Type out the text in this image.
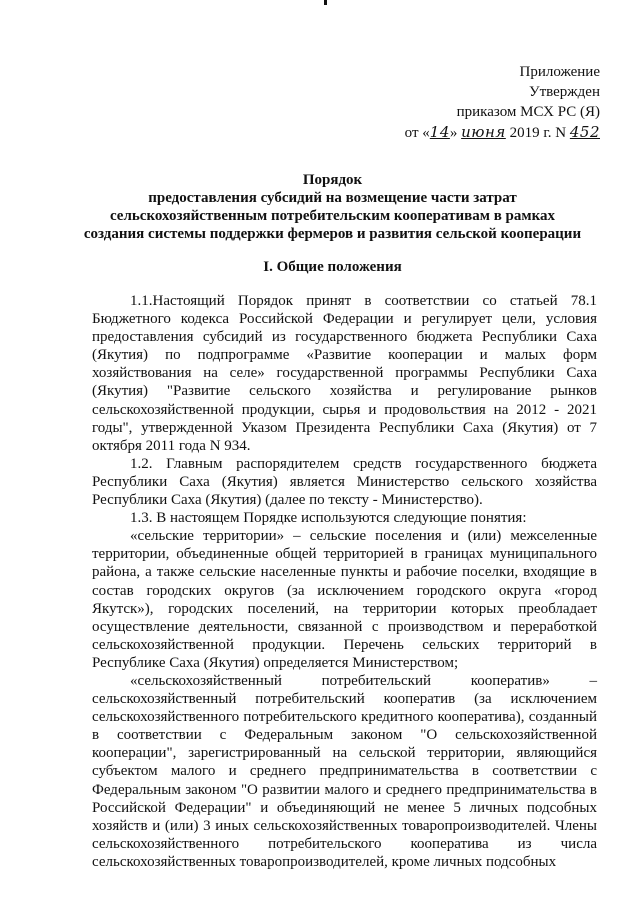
Приложение
Утвержден
приказом МСХ РС (Я)
от «14» июня 2019 г. N 452
Порядок
предоставления субсидий на возмещение части затрат
сельскохозяйственным потребительским кооперативам в рамках
создания системы поддержки фермеров и развития сельской кооперации
I. Общие положения

1.1.Настоящий Порядок принят в соответствии со статьей 78.1 Бюджетного кодекса Российской Федерации и регулирует цели, условия предоставления субсидий из государственного бюджета Республики Саха (Якутия) по подпрограмме «Развитие кооперации и малых форм хозяйствования на селе» государственной программы Республики Саха (Якутия) "Развитие сельского хозяйства и регулирование рынков сельскохозяйственной продукции, сырья и продовольствия на 2012 - 2021 годы", утвержденной Указом Президента Республики Саха (Якутия) от 7 октября 2011 года N 934.

1.2. Главным распорядителем средств государственного бюджета Республики Саха (Якутия) является Министерство сельского хозяйства Республики Саха (Якутия) (далее по тексту - Министерство).

1.3. В настоящем Порядке используются следующие понятия:

«сельские территории» – сельские поселения и (или) межселенные территории, объединенные общей территорией в границах муниципального района, а также сельские населенные пункты и рабочие поселки, входящие в состав городских округов (за исключением городского округа «город Якутск»), городских поселений, на территории которых преобладает осуществление деятельности, связанной с производством и переработкой сельскохозяйственной продукции. Перечень сельских территорий в Республике Саха (Якутия) определяется Министерством;

«сельскохозяйственный потребительский кооператив» – сельскохозяйственный потребительский кооператив (за исключением сельскохозяйственного потребительского кредитного кооператива), созданный в соответствии с Федеральным законом "О сельскохозяйственной кооперации", зарегистрированный на сельской территории, являющийся субъектом малого и среднего предпринимательства в соответствии с Федеральным законом "О развитии малого и среднего предпринимательства в Российской Федерации" и объединяющий не менее 5 личных подсобных хозяйств и (или) 3 иных сельскохозяйственных товаропроизводителей. Члены сельскохозяйственного потребительского кооператива из числа сельскохозяйственных товаропроизводителей, кроме личных подсобных
